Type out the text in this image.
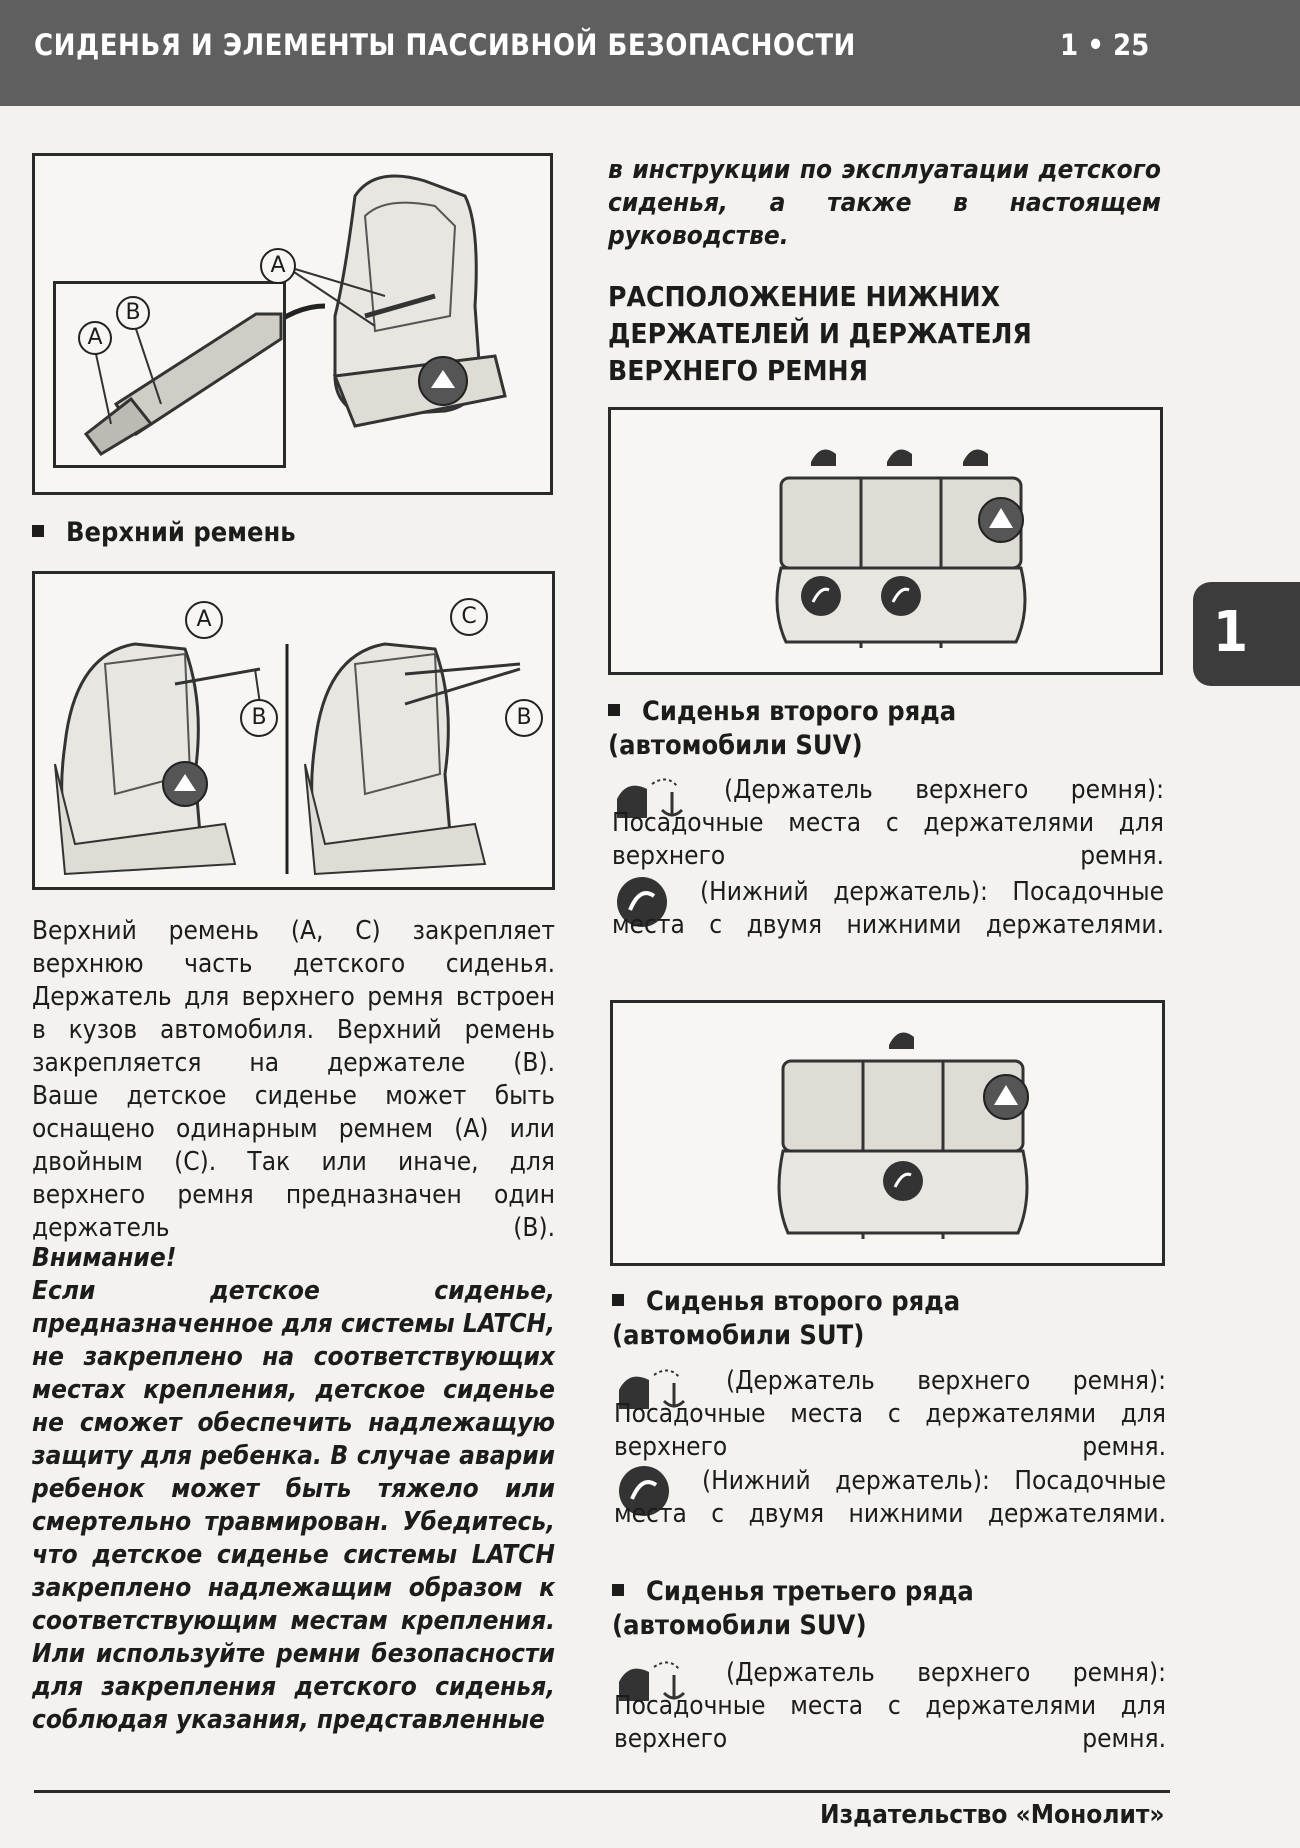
СИДЕНЬЯ И ЭЛЕМЕНТЫ ПАССИВНОЙ БЕЗОПАСНОСТИ	1 • 25
1
A
B
A
Верхний ремень
A
B
C
B

Верхний ремень (A, C) закрепляет верхнюю часть детского сиденья. Держатель для верхнего ремня встроен в кузов автомобиля. Верхний ремень закрепляется на держателе (B).

Ваше детское сиденье может быть оснащено одинарным ремнем (A) или двойным (C). Так или иначе, для верхнего ремня предназначен один держатель (B).

Внимание!

Если детское сиденье, предназначенное для системы LATCH, не закреплено на соответствующих местах крепления, детское сиденье не сможет обеспечить надлежащую защиту для ребенка. В случае аварии ребенок может быть тяжело или смертельно травмирован. Убедитесь, что детское сиденье системы LATCH закреплено надлежащим образом к соответствующим местам крепления. Или используйте ремни безопасности для закрепления детского сиденья, соблюдая указания, представленные

в инструкции по эксплуатации детского сиденья, а также в настоящем руководстве.

РАСПОЛОЖЕНИЕ НИЖНИХ
ДЕРЖАТЕЛЕЙ И ДЕРЖАТЕЛЯ
ВЕРХНЕГО РЕМНЯ
Сиденья второго ряда
(автомобили SUV)

(Держатель верхнего ремня): Посадочные места с держателями для верхнего ремня.

(Нижний держатель): Посадочные места с двумя нижними держателями.

Сиденья второго ряда
(автомобили SUT)

(Держатель верхнего ремня): Посадочные места с держателями для верхнего ремня.

(Нижний держатель): Посадочные места с двумя нижними держателями.

Сиденья третьего ряда
(автомобили SUV)

(Держатель верхнего ремня): Посадочные места с держателями для верхнего ремня.

Издательство «Монолит»
